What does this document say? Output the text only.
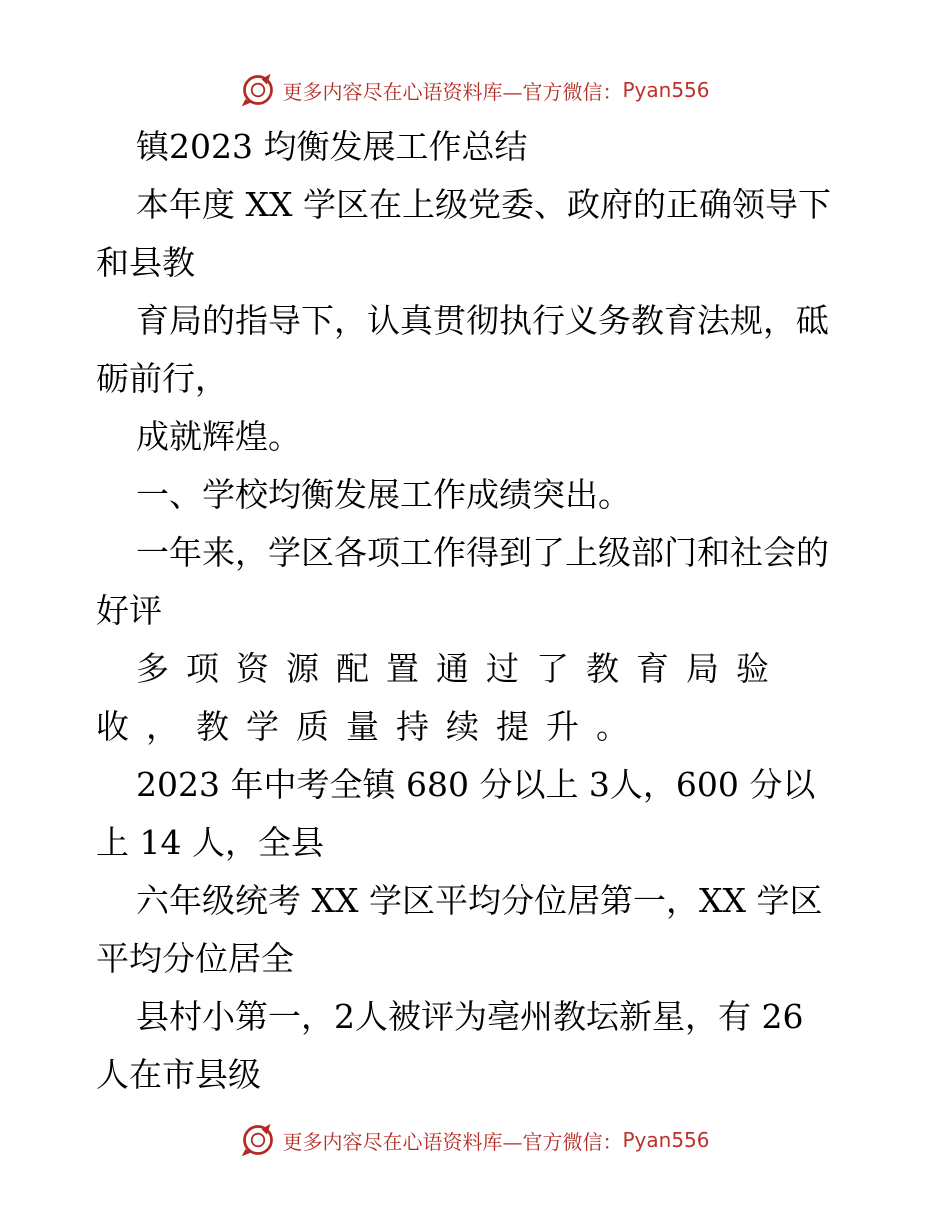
更多内容尽在心语资料库—官方微信： Pyan556

镇2023 均衡发展工作总结

本年度 XX 学区在上级党委、政府的正确领导下

和县教

育局的指导下，认真贯彻执行义务教育法规，砥

砺前行，

成就辉煌。

一、学校均衡发展工作成绩突出。

一年来，学区各项工作得到了上级部门和社会的

好评

多项资源配置通过了教育局验

收，教学质量持续提升。

2023 年中考全镇 680 分以上 3人，600 分以

上 14 人，全县

六年级统考 XX 学区平均分位居第一，XX 学区

平均分位居全

县村小第一，2人被评为亳州教坛新星，有 26

人在市县级

更多内容尽在心语资料库—官方微信： Pyan556
